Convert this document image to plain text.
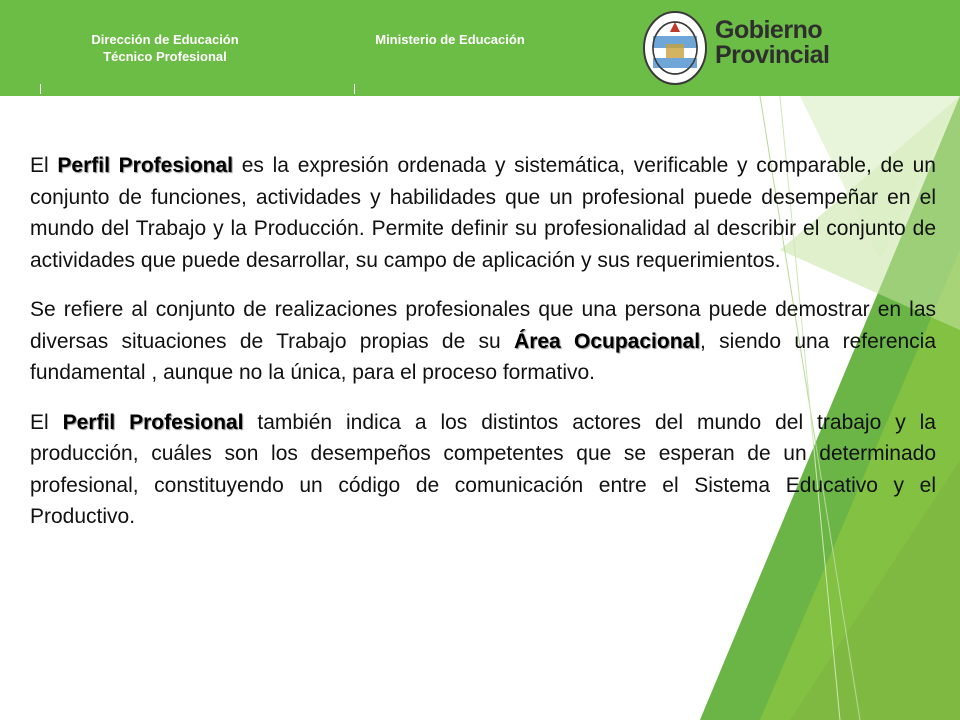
Dirección de Educación
Técnico Profesional
Ministerio de Educación	Gobierno
Provincial

El Perfil Profesional es la expresión ordenada y sistemática, verificable y comparable, de un conjunto de funciones, actividades y habilidades que un profesional puede desempeñar en el mundo del Trabajo y la Producción. Permite definir su profesionalidad al describir el conjunto de actividades que puede desarrollar, su campo de aplicación y sus requerimientos.

Se refiere al conjunto de realizaciones profesionales que una persona puede demostrar en las diversas situaciones de Trabajo propias de su Área Ocupacional, siendo una referencia fundamental , aunque no la única, para el proceso formativo.

El Perfil Profesional también indica a los distintos actores del mundo del trabajo y la producción, cuáles son los desempeños competentes que se esperan de un determinado profesional, constituyendo un código de comunicación entre el Sistema Educativo y el Productivo.
